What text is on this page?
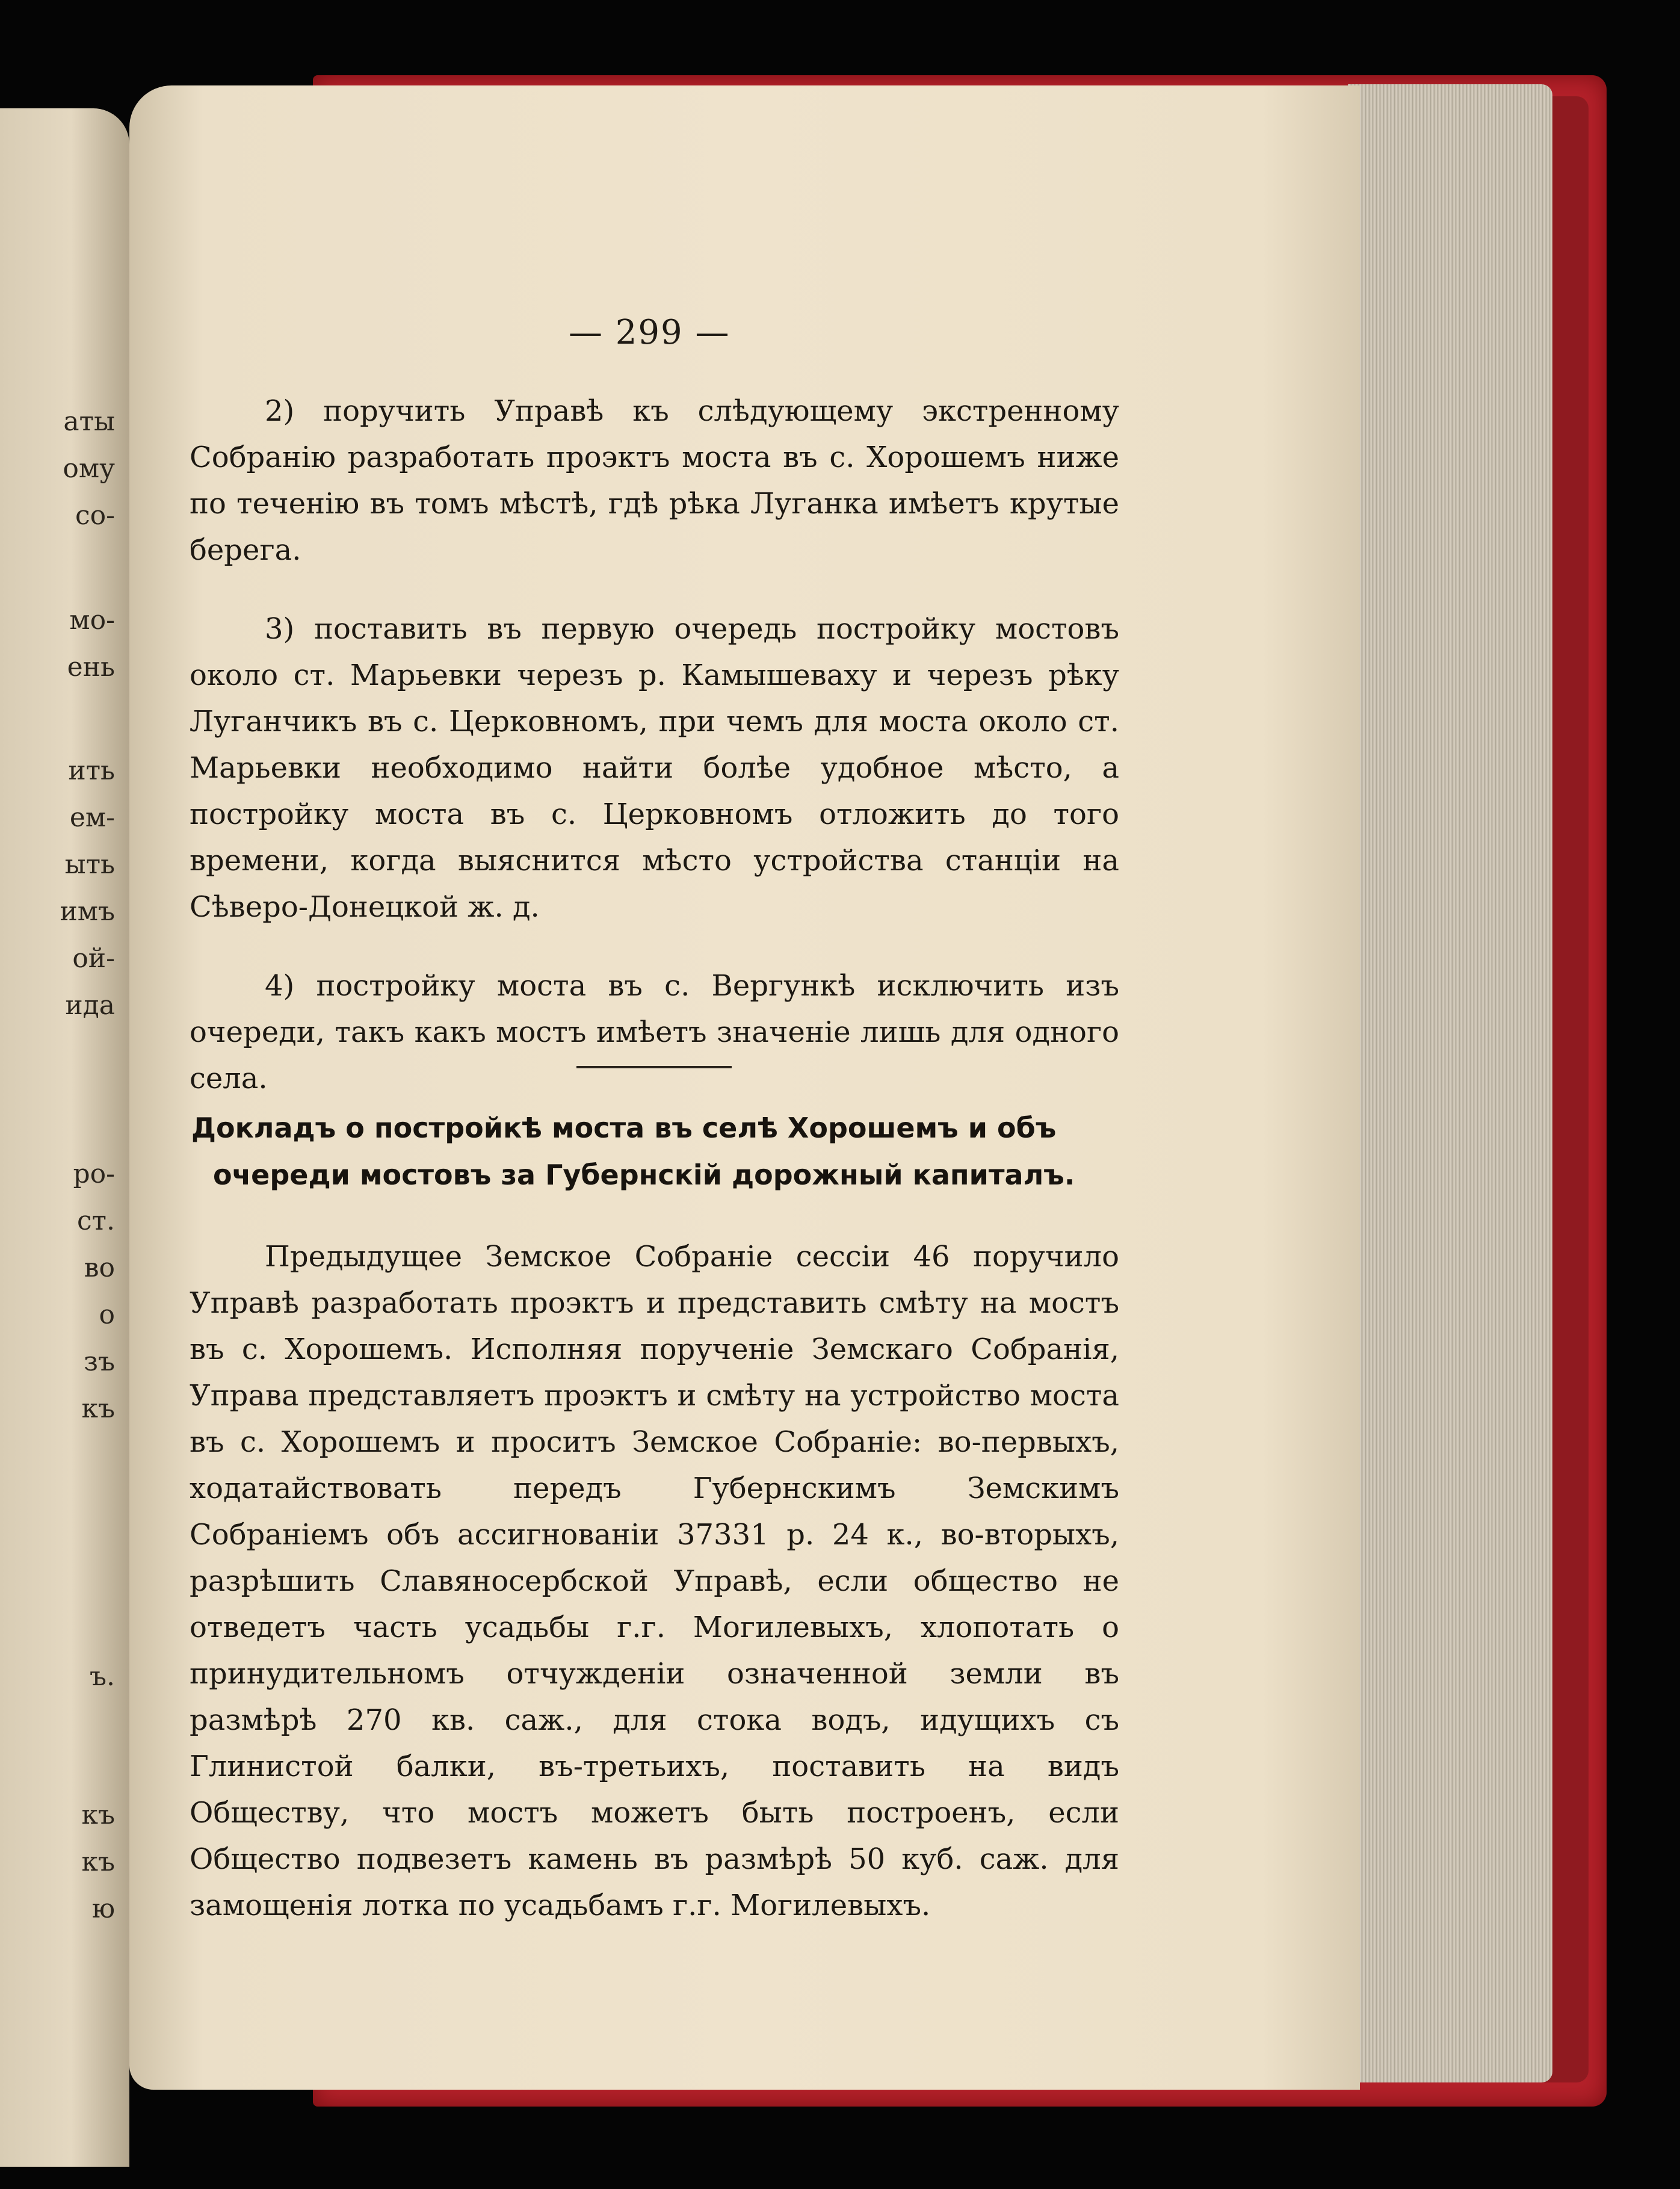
аты
ому
со-
мо-
ень
ить
ем-
ыть
имъ
ой-
ида
ро-
ст.
во
о
зъ
къ
ъ.
къ
къ
ю
— 299 —

2) поручить Управѣ къ слѣдующему экстренному Собранію разработать проэктъ моста въ с. Хорошемъ ниже по теченію въ томъ мѣстѣ, гдѣ рѣка Луганка имѣетъ крутые берега.

3) поставить въ первую очередь постройку мостовъ около ст. Марьевки черезъ р. Камышеваху и черезъ рѣку Луганчикъ въ с. Церковномъ, при чемъ для моста около ст. Марьевки необходимо найти болѣе удобное мѣсто, а постройку моста въ с. Церковномъ отложить до того времени, когда выяснится мѣсто устройства станціи на Сѣверо-Донецкой ж. д.

4) постройку моста въ с. Вергункѣ исключить изъ очереди, такъ какъ мостъ имѣетъ значеніе лишь для одного села.

Докладъ о постройкѣ моста въ селѣ Хорошемъ и объ
очереди мостовъ за Губернскій дорожный капиталъ.

Предыдущее Земское Собраніе сессіи 46 поручило Управѣ разработать проэктъ и представить смѣту на мостъ въ с. Хорошемъ. Исполняя порученіе Земскаго Собранія, Управа представляетъ проэктъ и смѣту на устройство моста въ с. Хорошемъ и проситъ Земское Собраніе: во-первыхъ, ходатайствовать передъ Губернскимъ Земскимъ Собраніемъ объ ассигнованіи 37331 р. 24 к., во-вторыхъ, разрѣшить Славяносербской Управѣ, если общество не отведетъ часть усадьбы г.г. Могилевыхъ, хлопотать о принудительномъ отчужденіи означенной земли въ размѣрѣ 270 кв. саж., для стока водъ, идущихъ съ Глинистой балки, въ-третьихъ, поставить на видъ Обществу, что мостъ можетъ быть построенъ, если Общество подвезетъ камень въ размѣрѣ 50 куб. саж. для замощенія лотка по усадьбамъ г.г. Могилевыхъ.
